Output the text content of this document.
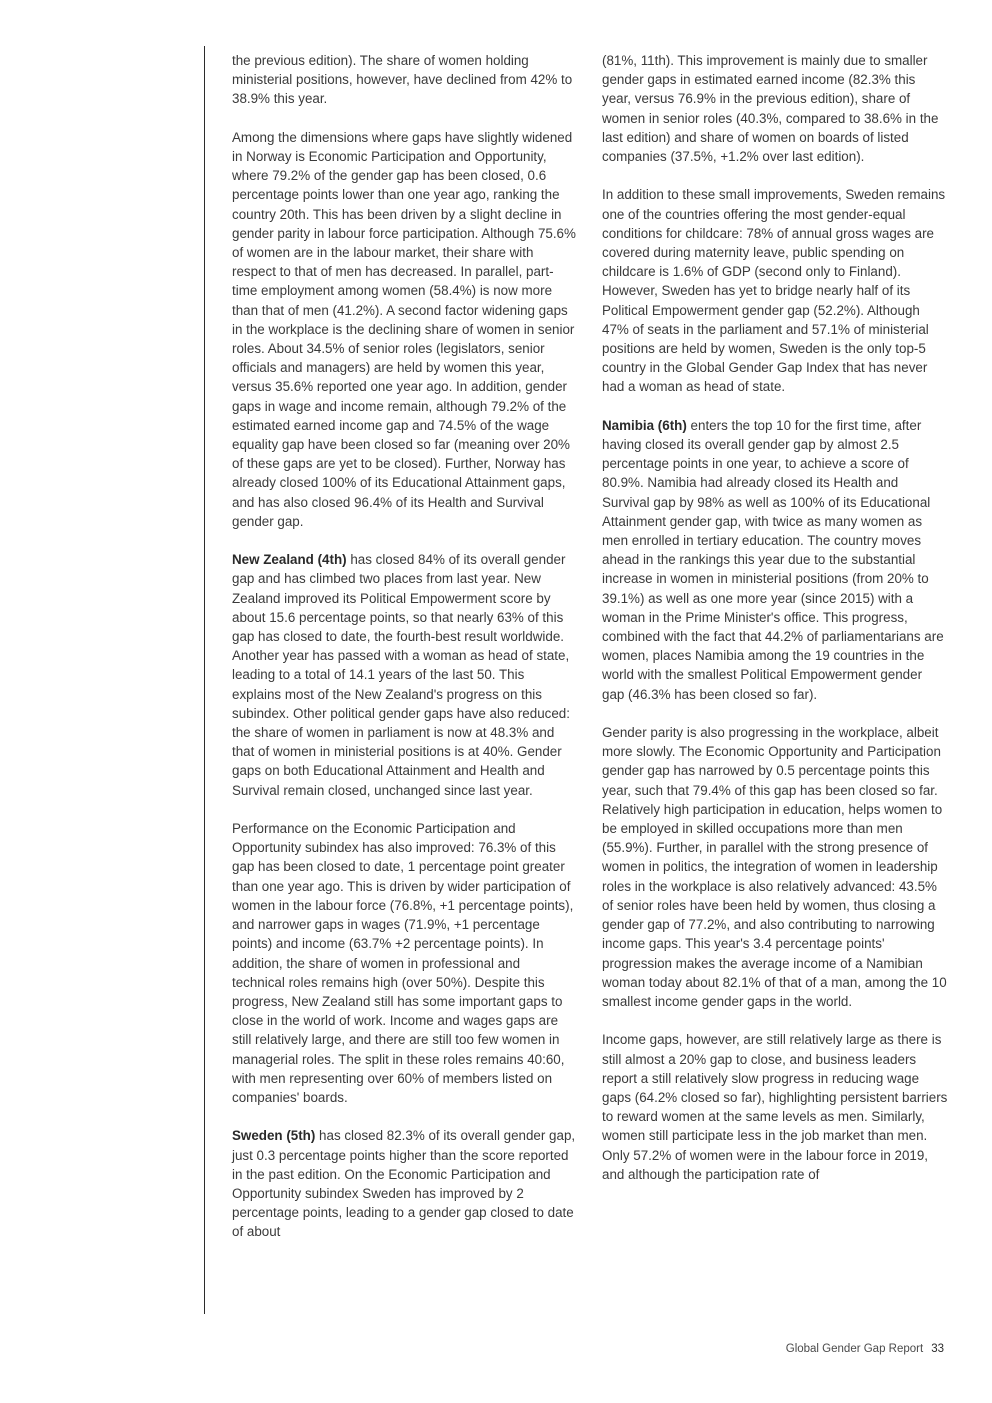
the previous edition). The share of women holding ministerial positions, however, have declined from 42% to 38.9% this year.

Among the dimensions where gaps have slightly widened in Norway is Economic Participation and Opportunity, where 79.2% of the gender gap has been closed, 0.6 percentage points lower than one year ago, ranking the country 20th. This has been driven by a slight decline in gender parity in labour force participation. Although 75.6% of women are in the labour market, their share with respect to that of men has decreased. In parallel, part-time employment among women (58.4%) is now more than that of men (41.2%). A second factor widening gaps in the workplace is the declining share of women in senior roles. About 34.5% of senior roles (legislators, senior officials and managers) are held by women this year, versus 35.6% reported one year ago. In addition, gender gaps in wage and income remain, although 79.2% of the estimated earned income gap and 74.5% of the wage equality gap have been closed so far (meaning over 20% of these gaps are yet to be closed). Further, Norway has already closed 100% of its Educational Attainment gaps, and has also closed 96.4% of its Health and Survival gender gap.

New Zealand (4th) has closed 84% of its overall gender gap and has climbed two places from last year. New Zealand improved its Political Empowerment score by about 15.6 percentage points, so that nearly 63% of this gap has closed to date, the fourth-best result worldwide. Another year has passed with a woman as head of state, leading to a total of 14.1 years of the last 50. This explains most of the New Zealand's progress on this subindex. Other political gender gaps have also reduced: the share of women in parliament is now at 48.3% and that of women in ministerial positions is at 40%. Gender gaps on both Educational Attainment and Health and Survival remain closed, unchanged since last year.

Performance on the Economic Participation and Opportunity subindex has also improved: 76.3% of this gap has been closed to date, 1 percentage point greater than one year ago. This is driven by wider participation of women in the labour force (76.8%, +1 percentage points), and narrower gaps in wages (71.9%, +1 percentage points) and income (63.7% +2 percentage points). In addition, the share of women in professional and technical roles remains high (over 50%). Despite this progress, New Zealand still has some important gaps to close in the world of work. Income and wages gaps are still relatively large, and there are still too few women in managerial roles. The split in these roles remains 40:60, with men representing over 60% of members listed on companies' boards.

Sweden (5th) has closed 82.3% of its overall gender gap, just 0.3 percentage points higher than the score reported in the past edition. On the Economic Participation and Opportunity subindex Sweden has improved by 2 percentage points, leading to a gender gap closed to date of about

(81%, 11th). This improvement is mainly due to smaller gender gaps in estimated earned income (82.3% this year, versus 76.9% in the previous edition), share of women in senior roles (40.3%, compared to 38.6% in the last edition) and share of women on boards of listed companies (37.5%, +1.2% over last edition).

In addition to these small improvements, Sweden remains one of the countries offering the most gender-equal conditions for childcare: 78% of annual gross wages are covered during maternity leave, public spending on childcare is 1.6% of GDP (second only to Finland). However, Sweden has yet to bridge nearly half of its Political Empowerment gender gap (52.2%). Although 47% of seats in the parliament and 57.1% of ministerial positions are held by women, Sweden is the only top-5 country in the Global Gender Gap Index that has never had a woman as head of state.

Namibia (6th) enters the top 10 for the first time, after having closed its overall gender gap by almost 2.5 percentage points in one year, to achieve a score of 80.9%. Namibia had already closed its Health and Survival gap by 98% as well as 100% of its Educational Attainment gender gap, with twice as many women as men enrolled in tertiary education. The country moves ahead in the rankings this year due to the substantial increase in women in ministerial positions (from 20% to 39.1%) as well as one more year (since 2015) with a woman in the Prime Minister's office. This progress, combined with the fact that 44.2% of parliamentarians are women, places Namibia among the 19 countries in the world with the smallest Political Empowerment gender gap (46.3% has been closed so far).

Gender parity is also progressing in the workplace, albeit more slowly. The Economic Opportunity and Participation gender gap has narrowed by 0.5 percentage points this year, such that 79.4% of this gap has been closed so far. Relatively high participation in education, helps women to be employed in skilled occupations more than men (55.9%). Further, in parallel with the strong presence of women in politics, the integration of women in leadership roles in the workplace is also relatively advanced: 43.5% of senior roles have been held by women, thus closing a gender gap of 77.2%, and also contributing to narrowing income gaps. This year's 3.4 percentage points' progression makes the average income of a Namibian woman today about 82.1% of that of a man, among the 10 smallest income gender gaps in the world.

Income gaps, however, are still relatively large as there is still almost a 20% gap to close, and business leaders report a still relatively slow progress in reducing wage gaps (64.2% closed so far), highlighting persistent barriers to reward women at the same levels as men. Similarly, women still participate less in the job market than men. Only 57.2% of women were in the labour force in 2019, and although the participation rate of

Global Gender Gap Report 33
